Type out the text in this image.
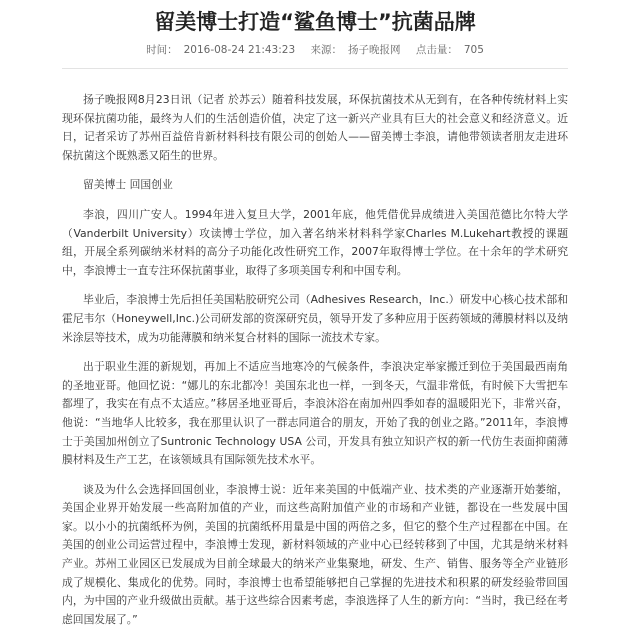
留美博士打造“鲨鱼博士”抗菌品牌
时间： 2016-08-24 21:43:23 来源： 扬子晚报网 点击量： 705

扬子晚报网8月23日讯（记者 於苏云）随着科技发展，环保抗菌技术从无到有，在各种传统材料上实现环保抗菌功能，最终为人们的生活创造价值，决定了这一新兴产业具有巨大的社会意义和经济意义。近日，记者采访了苏州百益倍肯新材料科技有限公司的创始人——留美博士李浪，请他带领读者朋友走进环保抗菌这个既熟悉又陌生的世界。

留美博士 回国创业

李浪，四川广安人。1994年进入复旦大学，2001年底，他凭借优异成绩进入美国范德比尔特大学（Vanderbilt University）攻读博士学位，加入著名纳米材料科学家Charles M.Lukehart教授的课题组，开展全系列碳纳米材料的高分子功能化改性研究工作，2007年取得博士学位。在十余年的学术研究中，李浪博士一直专注环保抗菌事业，取得了多项美国专利和中国专利。

毕业后，李浪博士先后担任美国粘胶研究公司（Adhesives Research，Inc.）研发中心核心技术部和霍尼韦尔（Honeywell,Inc.)公司研发部的资深研究员，领导开发了多种应用于医药领域的薄膜材料以及纳米涂层等技术，成为功能薄膜和纳米复合材料的国际一流技术专家。

出于职业生涯的新规划，再加上不适应当地寒冷的气候条件，李浪决定举家搬迁到位于美国最西南角的圣地亚哥。他回忆说：“娜儿的东北都冷！美国东北也一样，一到冬天，气温非常低，有时候下大雪把车都埋了，我实在有点不太适应。”移居圣地亚哥后，李浪沐浴在南加州四季如春的温暖阳光下，非常兴奋，他说：“当地华人比较多，我在那里认识了一群志同道合的朋友，开始了我的创业之路。”2011年，李浪博士于美国加州创立了Suntronic Technology USA 公司，开发具有独立知识产权的新一代仿生表面抑菌薄膜材料及生产工艺，在该领域具有国际领先技术水平。

谈及为什么会选择回国创业，李浪博士说：近年来美国的中低端产业、技术类的产业逐渐开始萎缩，美国企业界开始发展一些高附加值的产业，而这些高附加值产业的市场和产业链，都设在一些发展中国家。以小小的抗菌纸杯为例，美国的抗菌纸杯用量是中国的两倍之多，但它的整个生产过程都在中国。在美国的创业公司运营过程中，李浪博士发现，新材料领域的产业中心已经转移到了中国，尤其是纳米材料产业。苏州工业园区已发展成为目前全球最大的纳米产业集聚地，研发、生产、销售、服务等全产业链形成了规模化、集成化的优势。同时，李浪博士也希望能够把自己掌握的先进技术和积累的研发经验带回国内，为中国的产业升级做出贡献。基于这些综合因素考虑，李浪选择了人生的新方向：“当时，我已经在考虑回国发展了。”
